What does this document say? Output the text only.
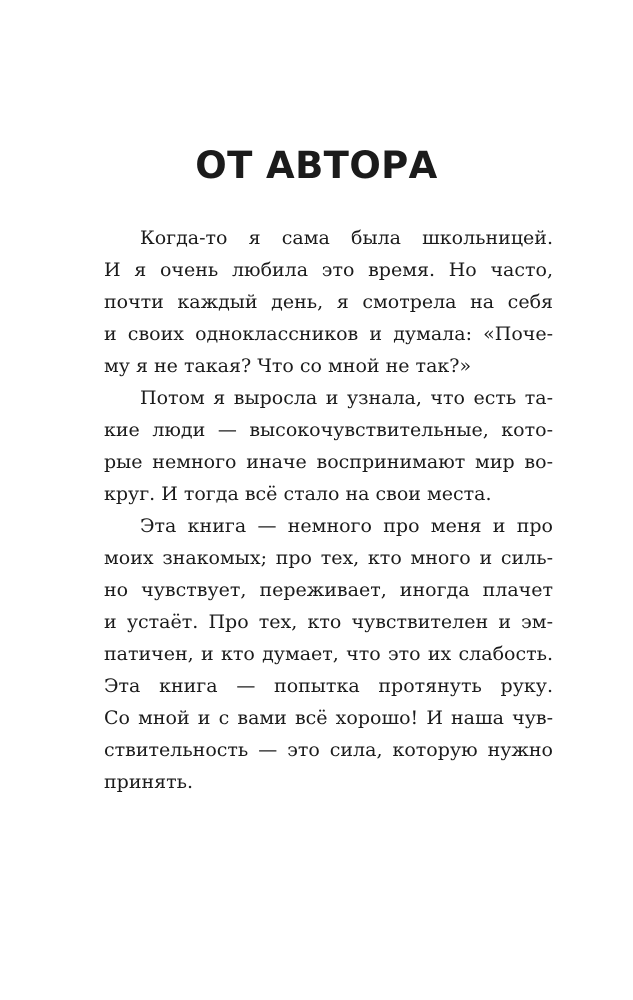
ОТ АВТОРА

Когда-то я сама была школьницей.
И я очень любила это время. Но часто,
почти каждый день, я смотрела на себя
и своих одноклассников и думала: «Поче-
му я не такая? Что со мной не так?»

Потом я выросла и узнала, что есть та-
кие люди — высокочувствительные, кото-
рые немного иначе воспринимают мир во-
круг. И тогда всё стало на свои места.

Эта книга — немного про меня и про
моих знакомых; про тех, кто много и силь-
но чувствует, переживает, иногда плачет
и устаёт. Про тех, кто чувствителен и эм-
патичен, и кто думает, что это их слабость.
Эта книга — попытка протянуть руку.
Со мной и с вами всё хорошо! И наша чув-
ствительность — это сила, которую нужно
принять.
